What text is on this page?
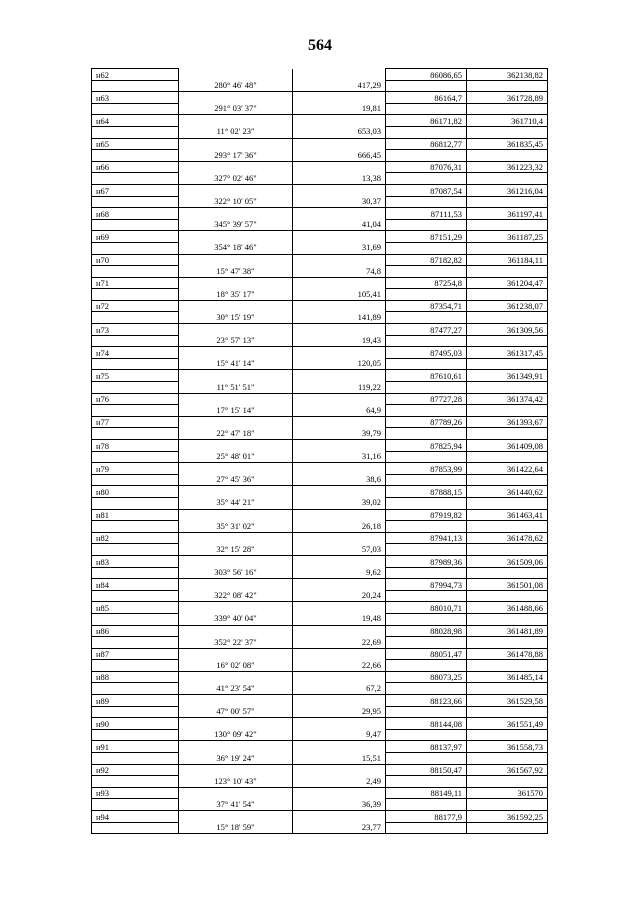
564
н62			86086,65	362138,82
	280° 46' 48"	417,29		
н63			86164,7	361728,89
	291° 03' 37"	19,81		
н64			86171,82	361710,4
	11° 02' 23"	653,03		
н65			86812,77	361835,45
	293° 17' 36"	666,45		
н66			87076,31	361223,32
	327° 02' 46"	13,38		
н67			87087,54	361216,04
	322° 10' 05"	30,37		
н68			87111,53	361197,41
	345° 39' 57"	41,04		
н69			87151,29	361187,25
	354° 18' 46"	31,69		
н70			87182,82	361184,11
	15° 47' 38"	74,8		
н71			87254,8	361204,47
	18° 35' 17"	105,41		
н72			87354,71	361238,07
	30° 15' 19"	141,89		
н73			87477,27	361309,56
	23° 57' 13"	19,43		
н74			87495,03	361317,45
	15° 41' 14"	120,05		
н75			87610,61	361349,91
	11° 51' 51"	119,22		
н76			87727,28	361374,42
	17° 15' 14"	64,9		
н77			87789,26	361393,67
	22° 47' 18"	39,79		
н78			87825,94	361409,08
	25° 48' 01"	31,16		
н79			87853,99	361422,64
	27° 45' 36"	38,6		
н80			87888,15	361440,62
	35° 44' 21"	39,02		
н81			87919,82	361463,41
	35° 31' 02"	26,18		
н82			87941,13	361478,62
	32° 15' 28"	57,03		
н83			87989,36	361509,06
	303° 56' 16"	9,62		
н84			87994,73	361501,08
	322° 08' 42"	20,24		
н85			88010,71	361488,66
	339° 40' 04"	19,48		
н86			88028,98	361481,89
	352° 22' 37"	22,69		
н87			88051,47	361478,88
	16° 02' 08"	22,66		
н88			88073,25	361485,14
	41° 23' 54"	67,2		
н89			88123,66	361529,58
	47° 00' 57"	29,95		
н90			88144,08	361551,49
	130° 09' 42"	9,47		
н91			88137,97	361558,73
	36° 19' 24"	15,51		
н92			88150,47	361567,92
	123° 10' 43"	2,49		
н93			88149,11	361570
	37° 41' 54"	36,39		
н94			88177,9	361592,25
	15° 18' 59"	23,77		
